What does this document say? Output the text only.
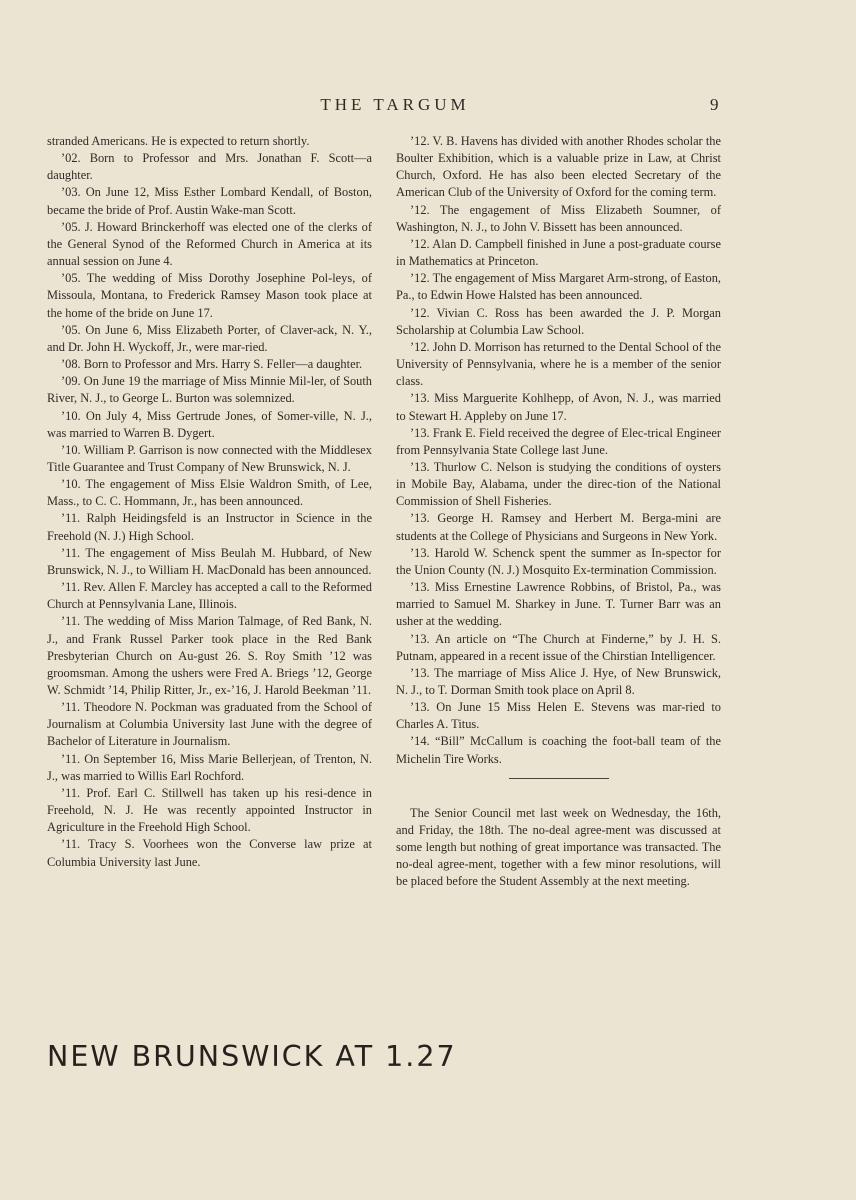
THE TARGUM	9

stranded Americans. He is expected to return shortly.

’02. Born to Professor and Mrs. Jonathan F. Scott—a daughter.

’03. On June 12, Miss Esther Lombard Kendall, of Boston, became the bride of Prof. Austin Wake-man Scott.

’05. J. Howard Brinckerhoff was elected one of the clerks of the General Synod of the Reformed Church in America at its annual session on June 4.

’05. The wedding of Miss Dorothy Josephine Pol-leys, of Missoula, Montana, to Frederick Ramsey Mason took place at the home of the bride on June 17.

’05. On June 6, Miss Elizabeth Porter, of Claver-ack, N. Y., and Dr. John H. Wyckoff, Jr., were mar-ried.

’08. Born to Professor and Mrs. Harry S. Feller—a daughter.

’09. On June 19 the marriage of Miss Minnie Mil-ler, of South River, N. J., to George L. Burton was solemnized.

’10. On July 4, Miss Gertrude Jones, of Somer-ville, N. J., was married to Warren B. Dygert.

’10. William P. Garrison is now connected with the Middlesex Title Guarantee and Trust Company of New Brunswick, N. J.

’10. The engagement of Miss Elsie Waldron Smith, of Lee, Mass., to C. C. Hommann, Jr., has been announced.

’11. Ralph Heidingsfeld is an Instructor in Science in the Freehold (N. J.) High School.

’11. The engagement of Miss Beulah M. Hubbard, of New Brunswick, N. J., to William H. MacDonald has been announced.

’11. Rev. Allen F. Marcley has accepted a call to the Reformed Church at Pennsylvania Lane, Illinois.

’11. The wedding of Miss Marion Talmage, of Red Bank, N. J., and Frank Russel Parker took place in the Red Bank Presbyterian Church on Au-gust 26. S. Roy Smith ’12 was groomsman. Among the ushers were Fred A. Briegs ’12, George W. Schmidt ’14, Philip Ritter, Jr., ex-’16, J. Harold Beekman ’11.

’11. Theodore N. Pockman was graduated from the School of Journalism at Columbia University last June with the degree of Bachelor of Literature in Journalism.

’11. On September 16, Miss Marie Bellerjean, of Trenton, N. J., was married to Willis Earl Rochford.

’11. Prof. Earl C. Stillwell has taken up his resi-dence in Freehold, N. J. He was recently appointed Instructor in Agriculture in the Freehold High School.

’11. Tracy S. Voorhees won the Converse law prize at Columbia University last June.

’12. V. B. Havens has divided with another Rhodes scholar the Boulter Exhibition, which is a valuable prize in Law, at Christ Church, Oxford. He has also been elected Secretary of the American Club of the University of Oxford for the coming term.

’12. The engagement of Miss Elizabeth Soumner, of Washington, N. J., to John V. Bissett has been announced.

’12. Alan D. Campbell finished in June a post-graduate course in Mathematics at Princeton.

’12. The engagement of Miss Margaret Arm-strong, of Easton, Pa., to Edwin Howe Halsted has been announced.

’12. Vivian C. Ross has been awarded the J. P. Morgan Scholarship at Columbia Law School.

’12. John D. Morrison has returned to the Dental School of the University of Pennsylvania, where he is a member of the senior class.

’13. Miss Marguerite Kohlhepp, of Avon, N. J., was married to Stewart H. Appleby on June 17.

’13. Frank E. Field received the degree of Elec-trical Engineer from Pennsylvania State College last June.

’13. Thurlow C. Nelson is studying the conditions of oysters in Mobile Bay, Alabama, under the direc-tion of the National Commission of Shell Fisheries.

’13. George H. Ramsey and Herbert M. Berga-mini are students at the College of Physicians and Surgeons in New York.

’13. Harold W. Schenck spent the summer as In-spector for the Union County (N. J.) Mosquito Ex-termination Commission.

’13. Miss Ernestine Lawrence Robbins, of Bristol, Pa., was married to Samuel M. Sharkey in June. T. Turner Barr was an usher at the wedding.

’13. An article on “The Church at Finderne,” by J. H. S. Putnam, appeared in a recent issue of the Chirstian Intelligencer.

’13. The marriage of Miss Alice J. Hye, of New Brunswick, N. J., to T. Dorman Smith took place on April 8.

’13. On June 15 Miss Helen E. Stevens was mar-ried to Charles A. Titus.

’14. “Bill” McCallum is coaching the foot-ball team of the Michelin Tire Works.

The Senior Council met last week on Wednesday, the 16th, and Friday, the 18th. The no-deal agree-ment was discussed at some length but nothing of great importance was transacted. The no-deal agree-ment, together with a few minor resolutions, will be placed before the Student Assembly at the next meeting.

NEW BRUNSWICK AT 1.27
